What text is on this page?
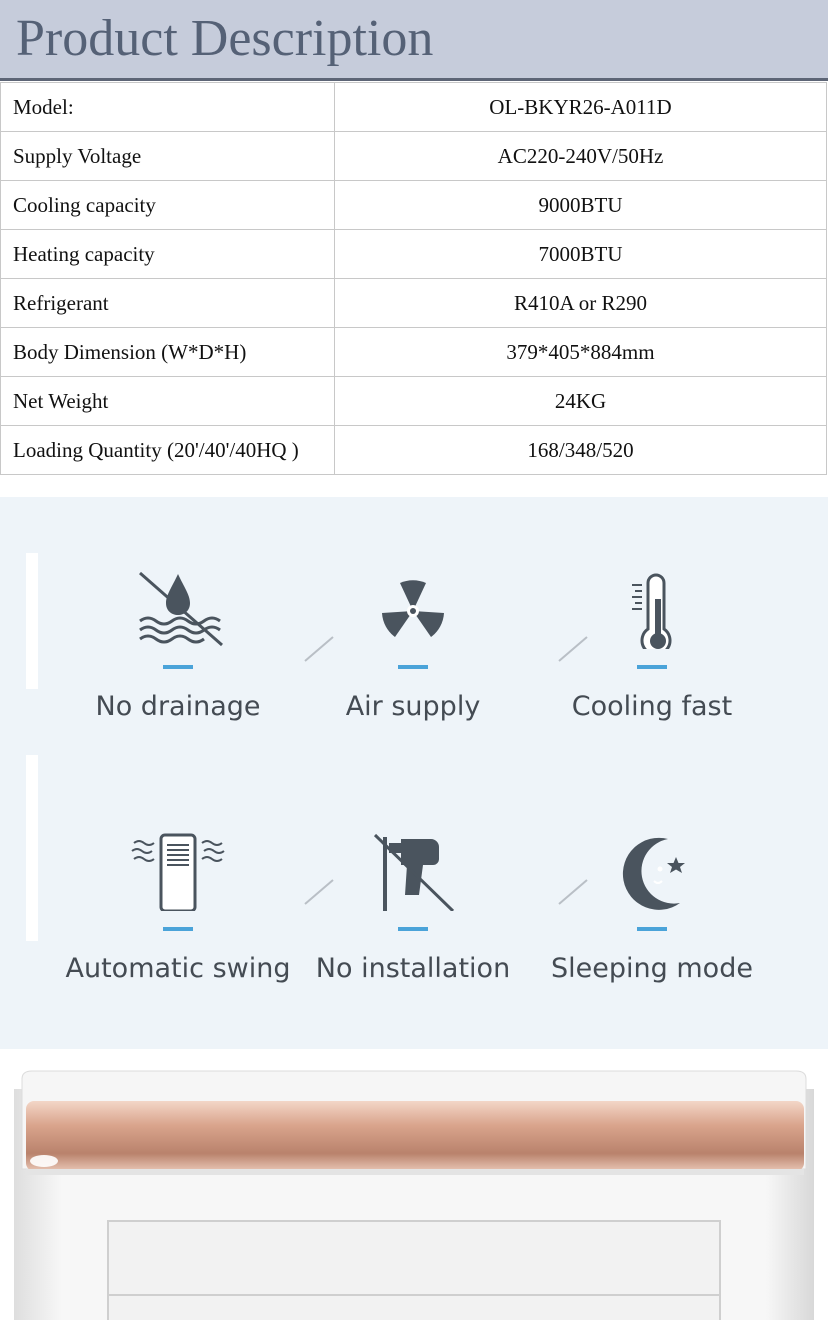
Product Description
Model:	OL-BKYR26-A011D
Supply Voltage	AC220-240V/50Hz
Cooling capacity	9000BTU
Heating capacity	7000BTU
Refrigerant	R410A or R290
Body Dimension (W*D*H)	379*405*884mm
Net Weight	24KG
Loading Quantity (20'/40'/40HQ )	168/348/520
No drainage	Air supply	Cooling fast
Automatic swing No installation	Sleeping mode
